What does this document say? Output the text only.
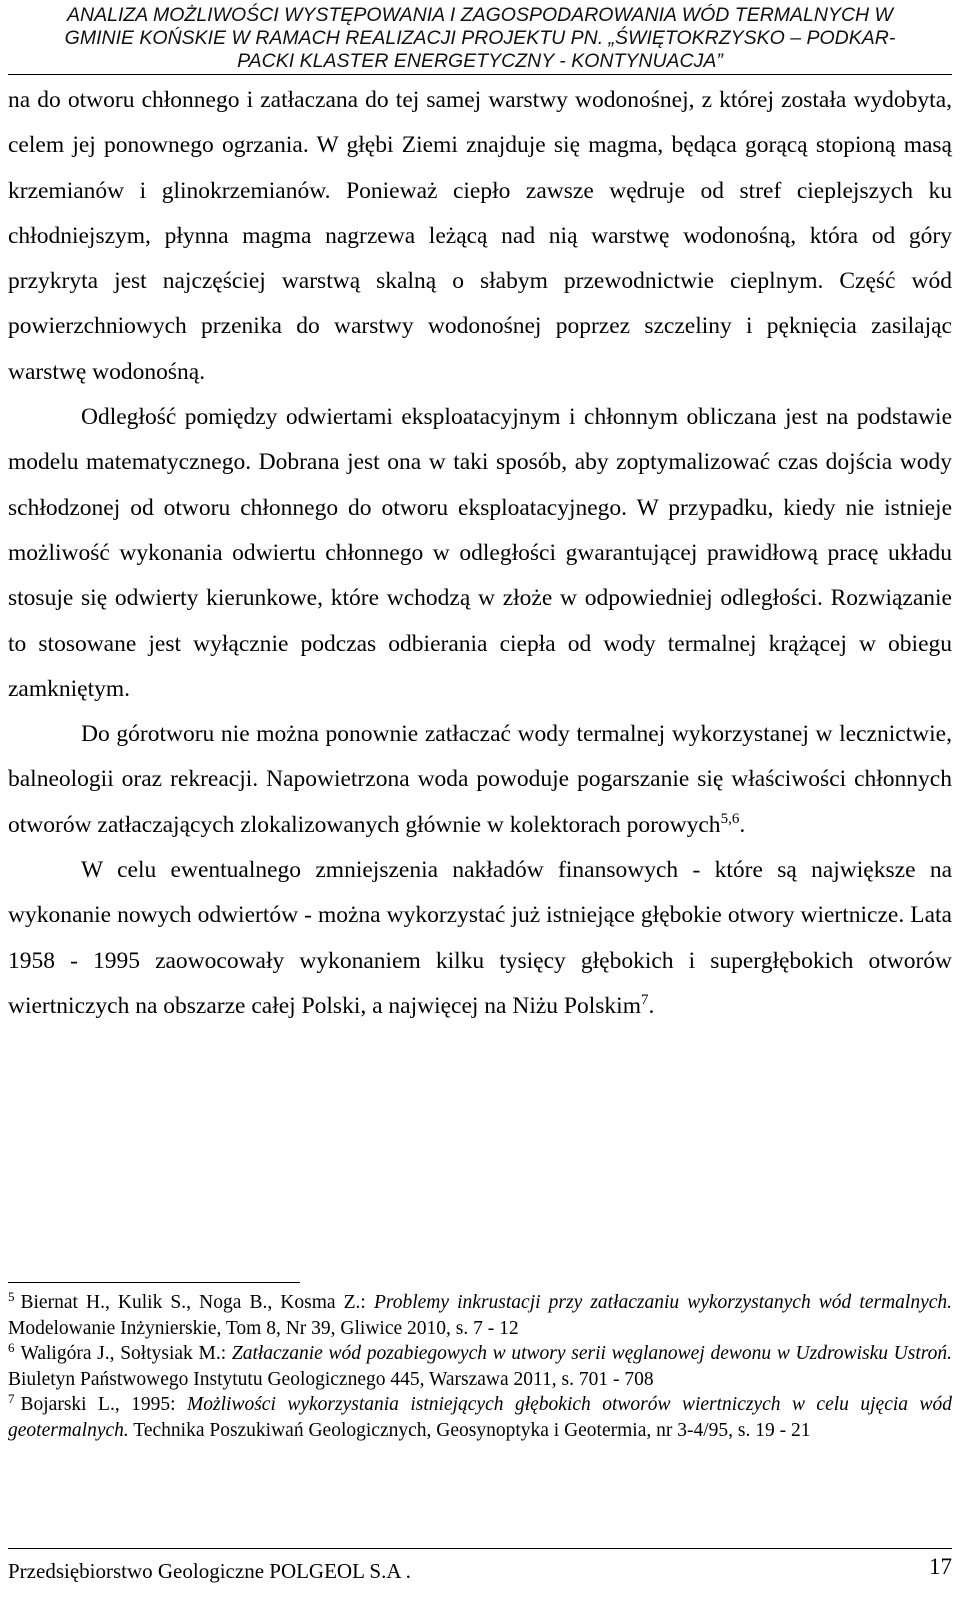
ANALIZA MOŻLIWOŚCI WYSTĘPOWANIA I ZAGOSPODAROWANIA WÓD TERMALNYCH W
GMINIE KOŃSKIE W RAMACH REALIZACJI PROJEKTU PN. „ŚWIĘTOKRZYSKO – PODKAR-
PACKI KLASTER ENERGETYCZNY - KONTYNUACJA”

na do otworu chłonnego i zatłaczana do tej samej warstwy wodonośnej, z której została wydobyta, celem jej ponownego ogrzania. W głębi Ziemi znajduje się magma, będąca gorącą stopioną masą krzemianów i glinokrzemianów. Ponieważ ciepło zawsze wędruje od stref cieplejszych ku chłodniejszym, płynna magma nagrzewa leżącą nad nią warstwę wodonośną, która od góry przykryta jest najczęściej warstwą skalną o słabym przewodnictwie cieplnym. Część wód powierzchniowych przenika do warstwy wodonośnej poprzez szczeliny i pęknięcia zasilając warstwę wodonośną.

Odległość pomiędzy odwiertami eksploatacyjnym i chłonnym obliczana jest na podstawie modelu matematycznego. Dobrana jest ona w taki sposób, aby zoptymalizować czas dojścia wody schłodzonej od otworu chłonnego do otworu eksploatacyjnego. W przypadku, kiedy nie istnieje możliwość wykonania odwiertu chłonnego w odległości gwarantującej prawidłową pracę układu stosuje się odwierty kierunkowe, które wchodzą w złoże w odpowiedniej odległości. Rozwiązanie to stosowane jest wyłącznie podczas odbierania ciepła od wody termalnej krążącej w obiegu zamkniętym.

Do górotworu nie można ponownie zatłaczać wody termalnej wykorzystanej w lecznictwie, balneologii oraz rekreacji. Napowietrzona woda powoduje pogarszanie się właściwości chłonnych otworów zatłaczających zlokalizowanych głównie w kolektorach porowych$^{5,6}$.

W celu ewentualnego zmniejszenia nakładów finansowych - które są największe na wykonanie nowych odwiertów - można wykorzystać już istniejące głębokie otwory wiertnicze. Lata 1958 - 1995 zaowocowały wykonaniem kilku tysięcy głębokich i supergłębokich otworów wiertniczych na obszarze całej Polski, a najwięcej na Niżu Polskim$^7$.

$^5$ Biernat H., Kulik S., Noga B., Kosma Z.: Problemy inkrustacji przy zatłaczaniu wykorzystanych wód termalnych. Modelowanie Inżynierskie, Tom 8, Nr 39, Gliwice 2010, s. 7 - 12

$^6$ Waligóra J., Sołtysiak M.: Zatłaczanie wód pozabiegowych w utwory serii węglanowej dewonu w Uzdrowisku Ustroń. Biuletyn Państwowego Instytutu Geologicznego 445, Warszawa 2011, s. 701 - 708

$^7$ Bojarski L., 1995: Możliwości wykorzystania istniejących głębokich otworów wiertniczych w celu ujęcia wód geotermalnych. Technika Poszukiwań Geologicznych, Geosynoptyka i Geotermia, nr 3-4/95, s. 19 - 21

Przedsiębiorstwo Geologiczne POLGEOL S.A .	17
